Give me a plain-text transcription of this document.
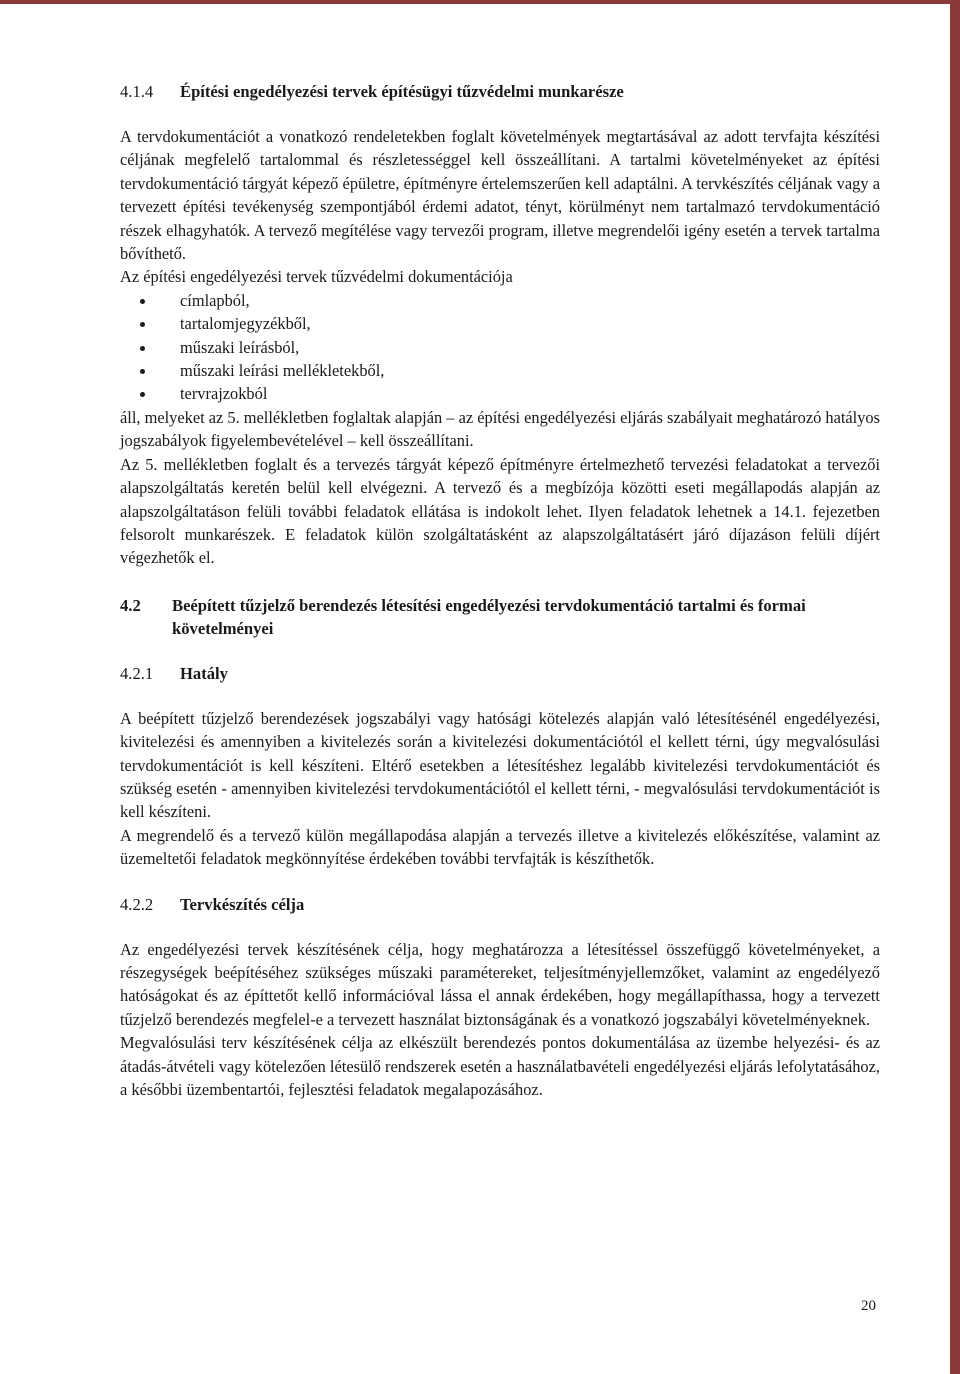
4.1.4	Építési engedélyezési tervek építésügyi tűzvédelmi munkarésze

A tervdokumentációt a vonatkozó rendeletekben foglalt követelmények megtartásával az adott tervfajta készítési céljának megfelelő tartalommal és részletességgel kell összeállítani. A tartalmi követelményeket az építési tervdokumentáció tárgyát képező épületre, építményre értelemszerűen kell adaptálni. A tervkészítés céljának vagy a tervezett építési tevékenység szempontjából érdemi adatot, tényt, körülményt nem tartalmazó tervdokumentáció részek elhagyhatók. A tervező megítélése vagy tervezői program, illetve megrendelői igény esetén a tervek tartalma bővíthető.

Az építési engedélyezési tervek tűzvédelmi dokumentációja

címlapból,
tartalomjegyzékből,
műszaki leírásból,
műszaki leírási mellékletekből,
tervrajzokból

áll, melyeket az 5. mellékletben foglaltak alapján – az építési engedélyezési eljárás szabályait meghatározó hatályos jogszabályok figyelembevételével – kell összeállítani.

Az 5. mellékletben foglalt és a tervezés tárgyát képező építményre értelmezhető tervezési feladatokat a tervezői alapszolgáltatás keretén belül kell elvégezni. A tervező és a megbízója közötti eseti megállapodás alapján az alapszolgáltatáson felüli további feladatok ellátása is indokolt lehet. Ilyen feladatok lehetnek a 14.1. fejezetben felsorolt munkarészek. E feladatok külön szolgáltatásként az alapszolgáltatásért járó díjazáson felüli díjért végezhetők el.

4.2	Beépített tűzjelző berendezés létesítési engedélyezési tervdokumentáció tartalmi és formai követelményei
4.2.1	Hatály

A beépített tűzjelző berendezések jogszabályi vagy hatósági kötelezés alapján való létesítésénél engedélyezési, kivitelezési és amennyiben a kivitelezés során a kivitelezési dokumentációtól el kellett térni, úgy megvalósulási tervdokumentációt is kell készíteni. Eltérő esetekben a létesítéshez legalább kivitelezési tervdokumentációt és szükség esetén - amennyiben kivitelezési tervdokumentációtól el kellett térni, - megvalósulási tervdokumentációt is kell készíteni.

A megrendelő és a tervező külön megállapodása alapján a tervezés illetve a kivitelezés előkészítése, valamint az üzemeltetői feladatok megkönnyítése érdekében további tervfajták is készíthetők.

4.2.2	Tervkészítés célja

Az engedélyezési tervek készítésének célja, hogy meghatározza a létesítéssel összefüggő követelményeket, a részegységek beépítéséhez szükséges műszaki paramétereket, teljesítményjellemzőket, valamint az engedélyező hatóságokat és az építtetőt kellő információval lássa el annak érdekében, hogy megállapíthassa, hogy a tervezett tűzjelző berendezés megfelel-e a tervezett használat biztonságának és a vonatkozó jogszabályi követelményeknek.

Megvalósulási terv készítésének célja az elkészült berendezés pontos dokumentálása az üzembe helyezési- és az átadás-átvételi vagy kötelezően létesülő rendszerek esetén a használatbavételi engedélyezési eljárás lefolytatásához, a későbbi üzembentartói, fejlesztési feladatok megalapozásához.

20
